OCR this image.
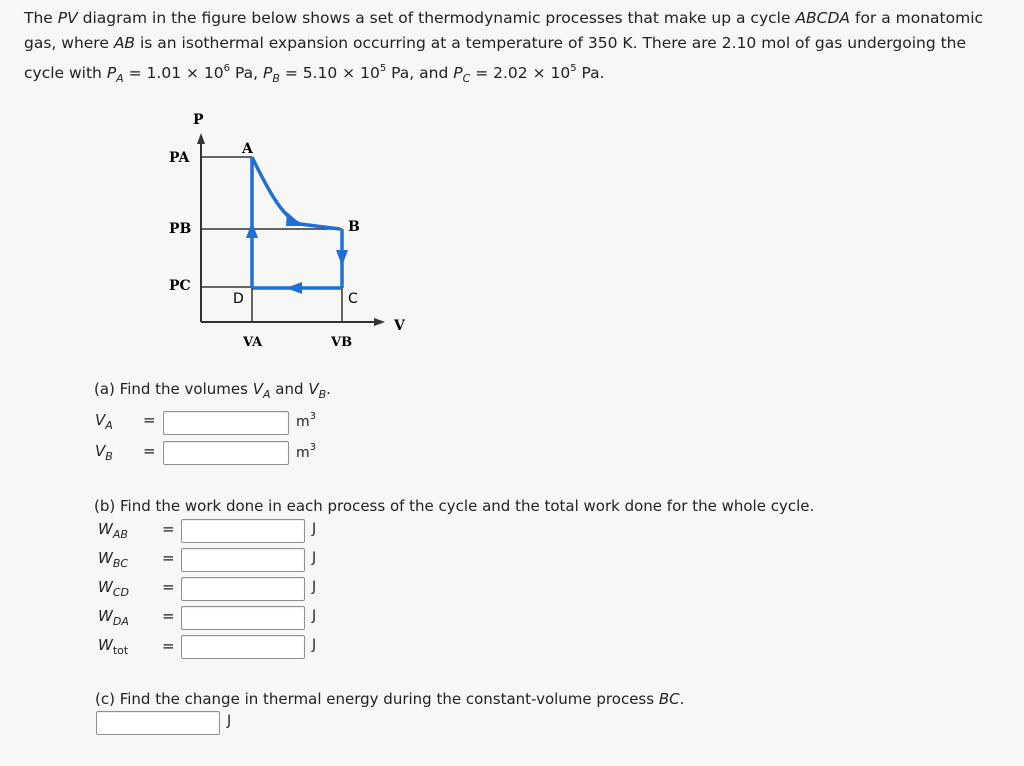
The PV diagram in the figure below shows a set of thermodynamic processes that make up a cycle ABCDA for a monatomic
gas, where AB is an isothermal expansion occurring at a temperature of 350 K. There are 2.10 mol of gas undergoing the
cycle with $P_A = 1.01 \times 10^6$ Pa, $P_B = 5.10 \times 10^5$ Pa, and $P_C = 2.02 \times 10^5$ Pa.
P
V
PA
PB
PC
VA	VB
A
B
C
D
(a) Find the volumes $V_A$ and $V_B$.
$V_A$ =	$m^3$
$V_B$ =	$m^3$
(b) Find the work done in each process of the cycle and the total work done for the whole cycle.
$W_{AB}$ =	J
$W_{BC}$ =	J
$W_{CD}$ =	J
$W_{DA}$ =	J
$W_{tot}$ =	J
(c) Find the change in thermal energy during the constant-volume process BC.
J
